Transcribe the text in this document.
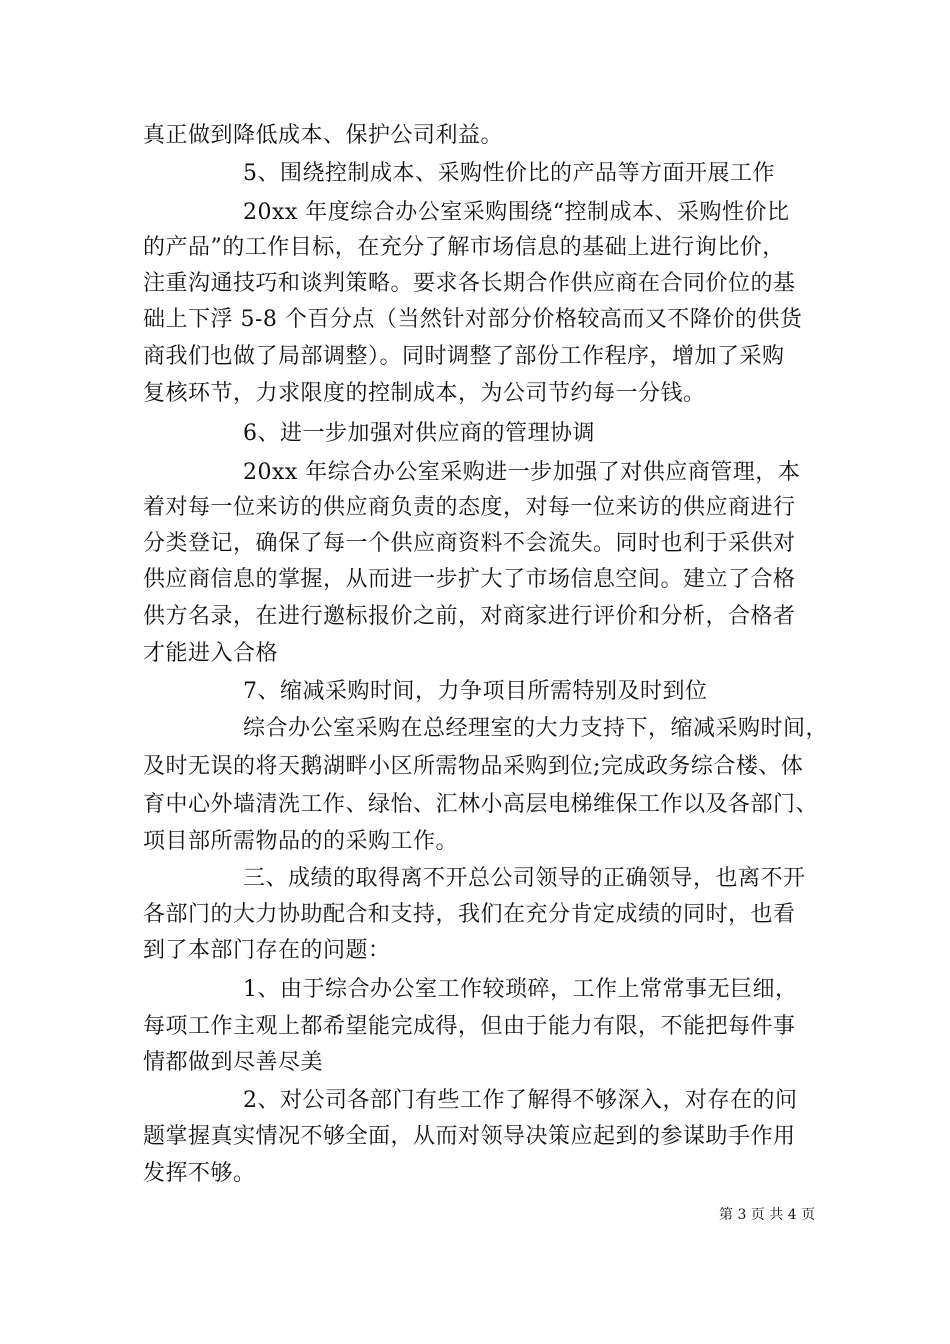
真正做到降低成本、保护公司利益。
5、围绕控制成本、采购性价比的产品等方面开展工作
20xx 年度综合办公室采购围绕“控制成本、采购性价比
的产品”的工作目标，在充分了解市场信息的基础上进行询比价，
注重沟通技巧和谈判策略。要求各长期合作供应商在合同价位的基
础上下浮 5-8 个百分点（当然针对部分价格较高而又不降价的供货
商我们也做了局部调整）。同时调整了部份工作程序，增加了采购
复核环节，力求限度的控制成本，为公司节约每一分钱。
6、进一步加强对供应商的管理协调
20xx 年综合办公室采购进一步加强了对供应商管理，本
着对每一位来访的供应商负责的态度，对每一位来访的供应商进行
分类登记，确保了每一个供应商资料不会流失。同时也利于采供对
供应商信息的掌握，从而进一步扩大了市场信息空间。建立了合格
供方名录，在进行邀标报价之前，对商家进行评价和分析，合格者
才能进入合格
7、缩减采购时间，力争项目所需特别及时到位
综合办公室采购在总经理室的大力支持下，缩减采购时间，
及时无误的将天鹅湖畔小区所需物品采购到位;完成政务综合楼、体
育中心外墙清洗工作、绿怡、汇林小高层电梯维保工作以及各部门、
项目部所需物品的的采购工作。
三、成绩的取得离不开总公司领导的正确领导，也离不开
各部门的大力协助配合和支持，我们在充分肯定成绩的同时，也看
到了本部门存在的问题：
1、由于综合办公室工作较琐碎，工作上常常事无巨细，
每项工作主观上都希望能完成得，但由于能力有限，不能把每件事
情都做到尽善尽美
2、对公司各部门有些工作了解得不够深入，对存在的问
题掌握真实情况不够全面，从而对领导决策应起到的参谋助手作用
发挥不够。
第 3 页 共 4 页
